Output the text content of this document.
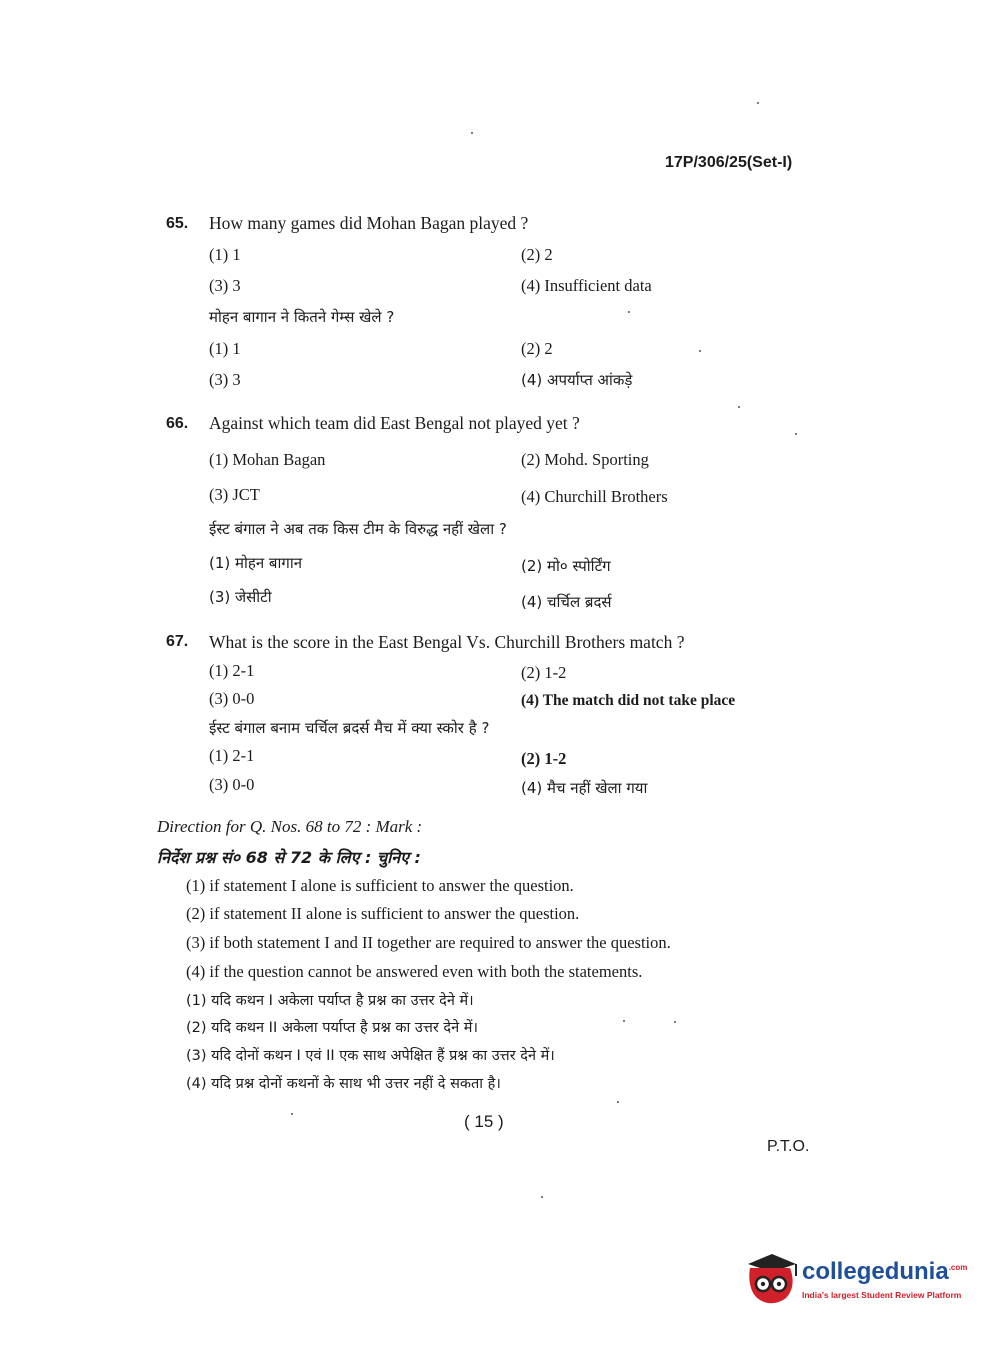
17P/306/25(Set-I)
65. How many games did Mohan Bagan played ?
(1) 1	(2) 2
(3) 3	(4) Insufficient data
मोहन बागान ने कितने गेम्स खेले ?
(1) 1	(2) 2
(3) 3	(4) अपर्याप्त आंकड़े
66. Against which team did East Bengal not played yet ?
(1) Mohan Bagan	(2) Mohd. Sporting
(3) JCT	(4) Churchill Brothers
ईस्ट बंगाल ने अब तक किस टीम के विरुद्ध नहीं खेला ?
(1) मोहन बागान	(2) मो० स्पोर्टिंग
(3) जेसीटी	(4) चर्चिल ब्रदर्स
67. What is the score in the East Bengal Vs. Churchill Brothers match ?
(1) 2-1	(2) 1-2
(3) 0-0	(4) The match did not take place
ईस्ट बंगाल बनाम चर्चिल ब्रदर्स मैच में क्या स्कोर है ?
(1) 2-1	(2) 1-2
(3) 0-0	(4) मैच नहीं खेला गया
Direction for Q. Nos. 68 to 72 : Mark :
निर्देश प्रश्न सं० 68 से 72 के लिए : चुनिए :
(1) if statement I alone is sufficient to answer the question.
(2) if statement II alone is sufficient to answer the question.
(3) if both statement I and II together are required to answer the question.
(4) if the question cannot be answered even with both the statements.
(1) यदि कथन I अकेला पर्याप्त है प्रश्न का उत्तर देने में।
(2) यदि कथन II अकेला पर्याप्त है प्रश्न का उत्तर देने में।
(3) यदि दोनों कथन I एवं II एक साथ अपेक्षित हैं प्रश्न का उत्तर देने में।
(4) यदि प्रश्न दोनों कथनों के साथ भी उत्तर नहीं दे सकता है।
( 15 )
P.T.O.
collegedunia$^{.com}$
India's largest Student Review Platform
